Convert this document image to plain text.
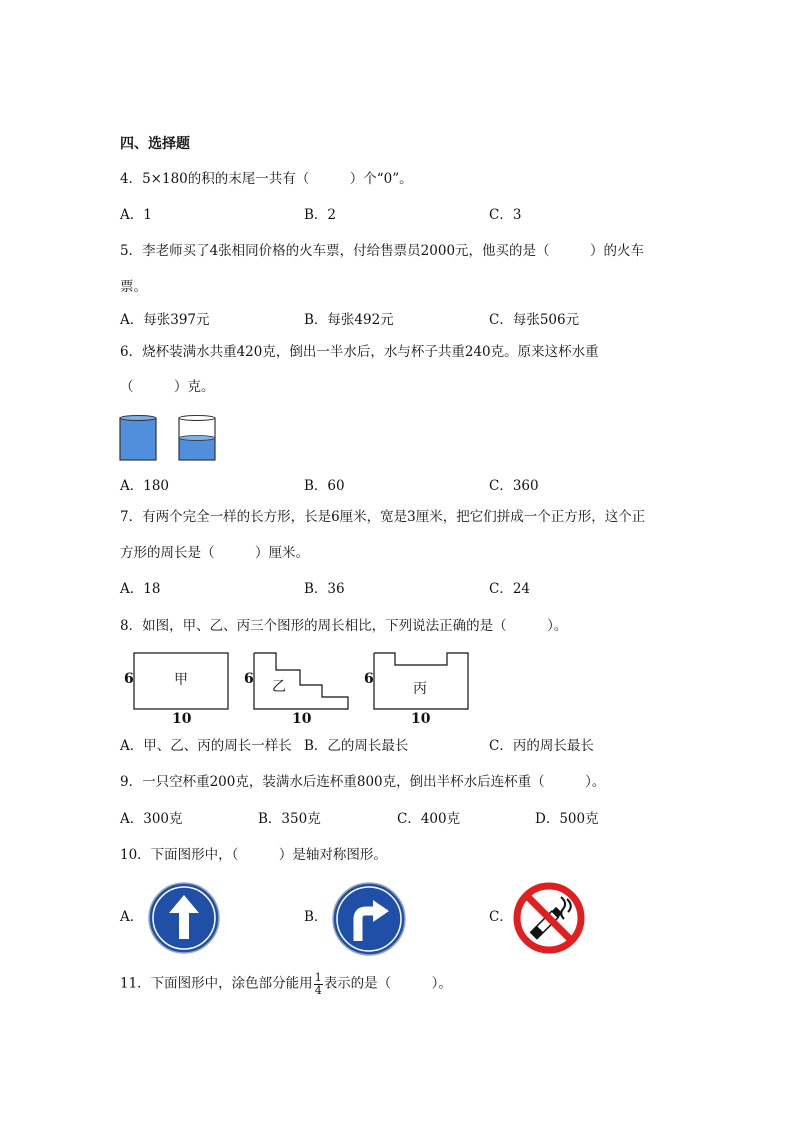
四、选择题
4．5×180的积的末尾一共有（　　　）个“0”。
A．1	B．2	C．3
5．李老师买了4张相同价格的火车票，付给售票员2000元，他买的是（　　　）的火车
票。
A．每张397元	B．每张492元	C．每张506元
6．烧杯装满水共重420克，倒出一半水后，水与杯子共重240克。原来这杯水重
（　　　）克。
A．180	B．60	C．360
7．有两个完全一样的长方形，长是6厘米，宽是3厘米，把它们拼成一个正方形，这个正
方形的周长是（　　　）厘米。
A．18	B．36	C．24
8．如图，甲、乙、丙三个图形的周长相比，下列说法正确的是（　　　）。
6	甲
10
6 乙
10
6
丙
10
A．甲、乙、丙的周长一样长 B．乙的周长最长	C．丙的周长最长
9．一只空杯重200克，装满水后连杯重800克，倒出半杯水后连杯重（　　　）。
A．300克	B．350克	C．400克	D．500克
10．下面图形中，（　　　）是轴对称图形。
A．	B．	C．
11．下面图形中，涂色部分能用 $\frac{1}{4}$ 表示的是（　　　）。
